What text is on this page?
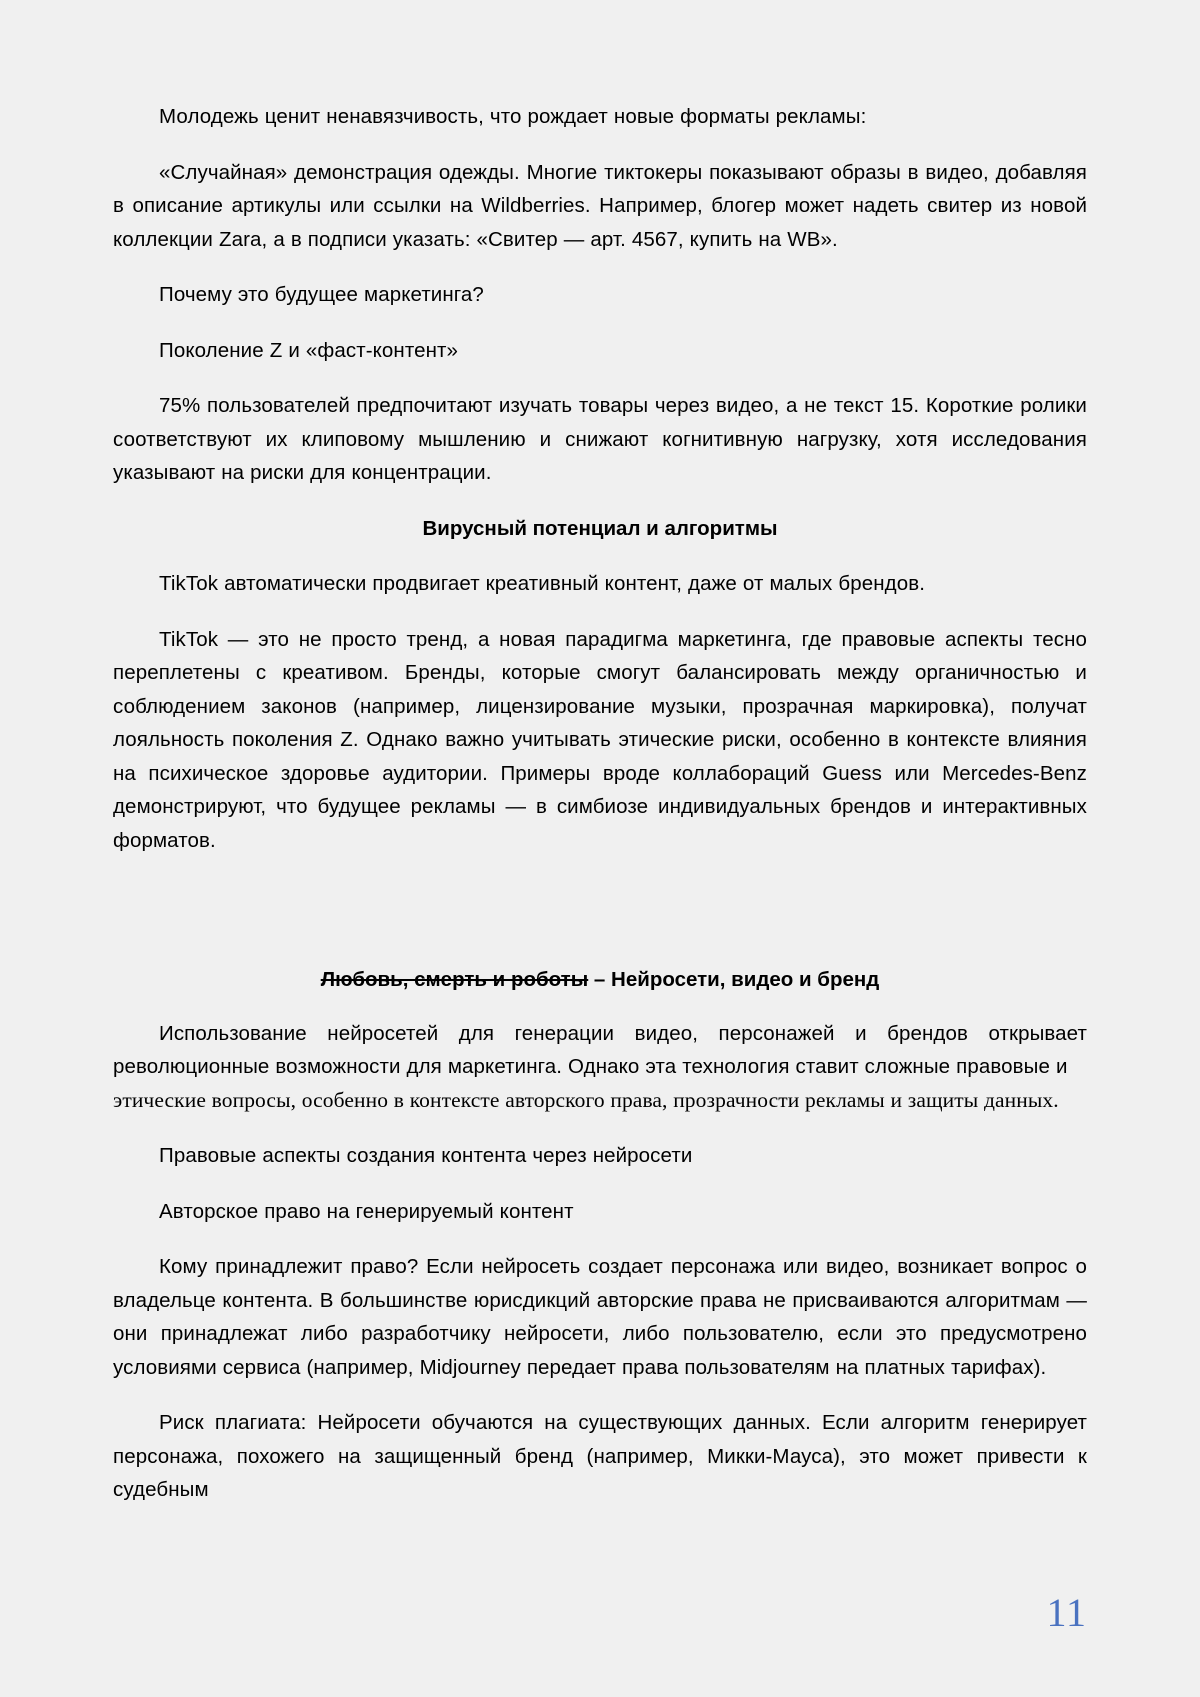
Молодежь ценит ненавязчивость, что рождает новые форматы рекламы:

«Случайная» демонстрация одежды. Многие тиктокеры показывают образы в видео, добавляя в описание артикулы или ссылки на Wildberries. Например, блогер может надеть свитер из новой коллекции Zara, а в подписи указать: «Свитер — арт. 4567, купить на WB».

Почему это будущее маркетинга?

Поколение Z и «фаст-контент»

75% пользователей предпочитают изучать товары через видео, а не текст 15. Короткие ролики соответствуют их клиповому мышлению и снижают когнитивную нагрузку, хотя исследования указывают на риски для концентрации.

Вирусный потенциал и алгоритмы

TikTok автоматически продвигает креативный контент, даже от малых брендов.

TikTok — это не просто тренд, а новая парадигма маркетинга, где правовые аспекты тесно переплетены с креативом. Бренды, которые смогут балансировать между органичностью и соблюдением законов (например, лицензирование музыки, прозрачная маркировка), получат лояльность поколения Z. Однако важно учитывать этические риски, особенно в контексте влияния на психическое здоровье аудитории. Примеры вроде коллабораций Guess или Mercedes-Benz демонстрируют, что будущее рекламы — в симбиозе индивидуальных брендов и интерактивных форматов.

Любовь, смерть и роботы – Нейросети, видео и бренд

Использование нейросетей для генерации видео, персонажей и брендов открывает революционные возможности для маркетинга. Однако эта технология ставит сложные правовые и

этические вопросы, особенно в контексте авторского права, прозрачности рекламы и защиты данных.

Правовые аспекты создания контента через нейросети

Авторское право на генерируемый контент

Кому принадлежит право? Если нейросеть создает персонажа или видео, возникает вопрос о владельце контента. В большинстве юрисдикций авторские права не присваиваются алгоритмам — они принадлежат либо разработчику нейросети, либо пользователю, если это предусмотрено условиями сервиса (например, Midjourney передает права пользователям на платных тарифах).

Риск плагиата: Нейросети обучаются на существующих данных. Если алгоритм генерирует персонажа, похожего на защищенный бренд (например, Микки-Мауса), это может привести к судебным

11
